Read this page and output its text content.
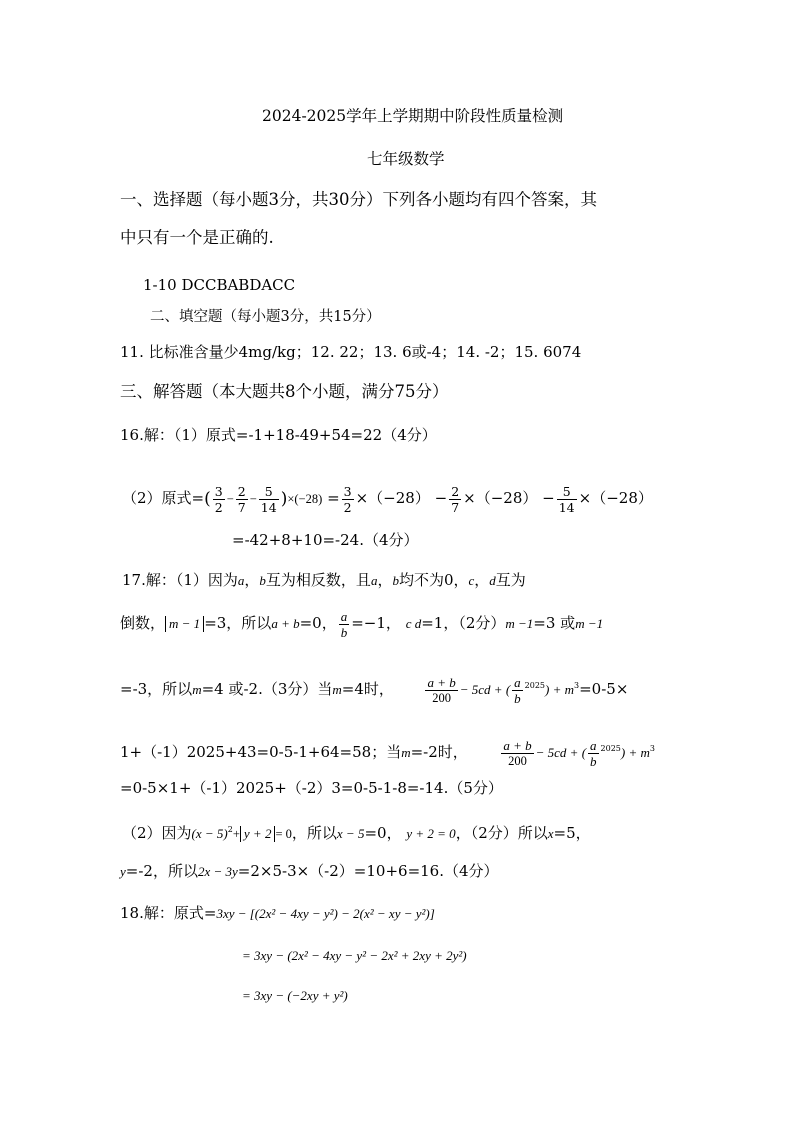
2024-2025学年上学期期中阶段性质量检测
七年级数学
一、选择题（每小题3分，共30分）下列各小题均有四个答案，其
中只有一个是正确的.
1-10 DCCBABDACC
二、填空题（每小题3分，共15分）
11. 比标准含量少4mg/kg；12. 22；13. 6或-4；14. -2；15. 6074
三、解答题（本大题共8个小题，满分75分）
16.解：（1）原式=-1+18-49+54=22（4分）
（2）原式=( $\frac{3}{2} - \frac{2}{7} - \frac{5}{14} )\times(-28) = \frac{3}{2} \times(-28) - \frac{2}{7} \times(-28) - \frac{5}{14} \times(-28)$
=-42+8+10=-24.（4分）
17.解：（1）因为a，b互为相反数，且a，b均不为0，c，d互为
倒数， m − 1 =3，所以a + b=0， $\frac{a}{b} =-1$， c d=1，（2分）m −1=3 或m −1
=-3，所以m=4 或-2.（3分）当m=4时， $\frac{a + b}{200} - 5cd$ + ( $\frac{a}{b} ^{2025}) + m^3=0-5\times$
1+（-1）2025+43=0-5-1+64=58；当m=-2时，	$\frac{a + b}{200} - 5cd$ + ( $\frac{a}{b} ^{2025}) + m^3$
=0-5×1+（-1）2025+（-2）3=0-5-1-8=-14.（5分）
（2）因为$(x - 5)^2+ y + 2 = 0$，所以x − 5=0， y + 2 = 0，（2分）所以x=5，
y=-2，所以2x − 3y=2×5-3×（-2）=10+6=16.（4分）
18.解：原式=3xy − [(2x² − 4xy − y²) − 2(x² − xy − y²)]
= 3xy − (2x² − 4xy − y² − 2x² + 2xy + 2y²)
= 3xy − (−2xy + y²)
